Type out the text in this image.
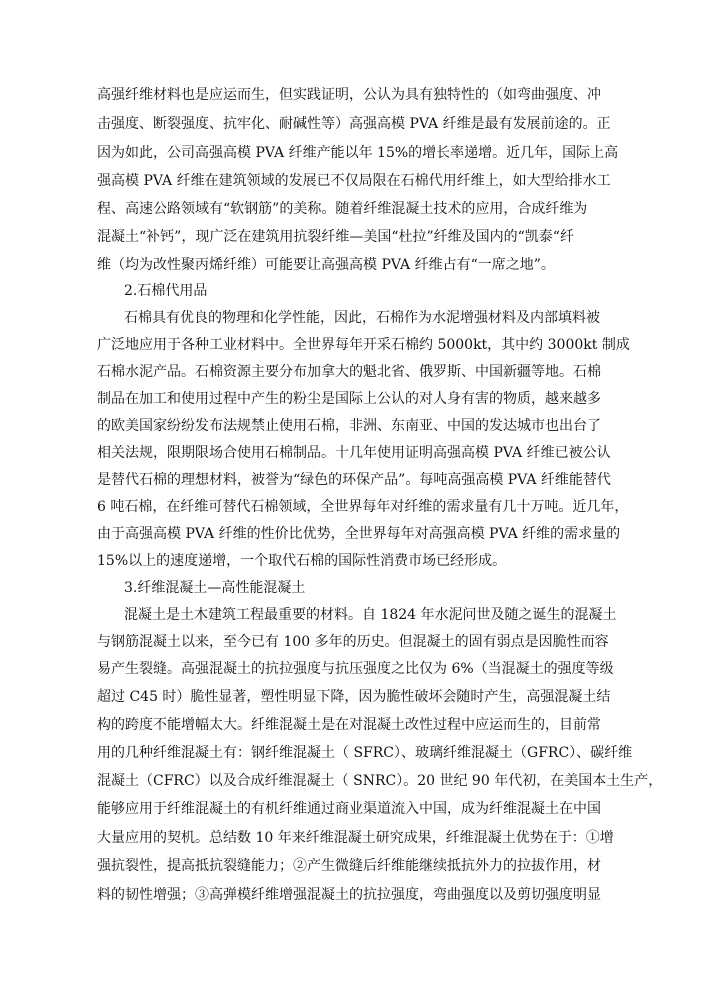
高强纤维材料也是应运而生，但实践证明，公认为具有独特性的（如弯曲强度、冲
击强度、断裂强度、抗牢化、耐碱性等）高强高模 PVA 纤维是最有发展前途的。正
因为如此，公司高强高模 PVA 纤维产能以年 15%的增长率递增。近几年，国际上高
强高模 PVA 纤维在建筑领域的发展已不仅局限在石棉代用纤维上，如大型给排水工
程、高速公路领域有“软钢筋”的美称。随着纤维混凝土技术的应用，合成纤维为
混凝土“补钙”，现广泛在建筑用抗裂纤维—美国“杜拉”纤维及国内的“凯泰“纤
维（均为改性聚丙烯纤维）可能要让高强高模 PVA 纤维占有“一席之地”。
2.石棉代用品
石棉具有优良的物理和化学性能，因此，石棉作为水泥增强材料及内部填料被
广泛地应用于各种工业材料中。全世界每年开采石棉约 5000kt，其中约 3000kt 制成
石棉水泥产品。石棉资源主要分布加拿大的魁北省、俄罗斯、中国新疆等地。石棉
制品在加工和使用过程中产生的粉尘是国际上公认的对人身有害的物质，越来越多
的欧美国家纷纷发布法规禁止使用石棉，非洲、东南亚、中国的发达城市也出台了
相关法规，限期限场合使用石棉制品。十几年使用证明高强高模 PVA 纤维已被公认
是替代石棉的理想材料，被誉为“绿色的环保产品”。每吨高强高模 PVA 纤维能替代
6 吨石棉，在纤维可替代石棉领域，全世界每年对纤维的需求量有几十万吨。近几年，
由于高强高模 PVA 纤维的性价比优势，全世界每年对高强高模 PVA 纤维的需求量的
15%以上的速度递增，一个取代石棉的国际性消费市场已经形成。
3.纤维混凝土—高性能混凝土
混凝土是土木建筑工程最重要的材料。自 1824 年水泥问世及随之诞生的混凝土
与钢筋混凝土以来，至今已有 100 多年的历史。但混凝土的固有弱点是因脆性而容
易产生裂缝。高强混凝土的抗拉强度与抗压强度之比仅为 6%（当混凝土的强度等级
超过 C45 时）脆性显著，塑性明显下降，因为脆性破坏会随时产生，高强混凝土结
构的跨度不能增幅太大。纤维混凝土是在对混凝土改性过程中应运而生的，目前常
用的几种纤维混凝土有：钢纤维混凝土（ SFRC）、玻璃纤维混凝土（GFRC）、碳纤维
混凝土（CFRC）以及合成纤维混凝土（ SNRC）。20 世纪 90 年代初，在美国本土生产，
能够应用于纤维混凝土的有机纤维通过商业渠道流入中国，成为纤维混凝土在中国
大量应用的契机。总结数 10 年来纤维混凝土研究成果，纤维混凝土优势在于：①增
强抗裂性，提高抵抗裂缝能力；②产生微缝后纤维能继续抵抗外力的拉拔作用，材
料的韧性增强；③高弹模纤维增强混凝土的抗拉强度，弯曲强度以及剪切强度明显
